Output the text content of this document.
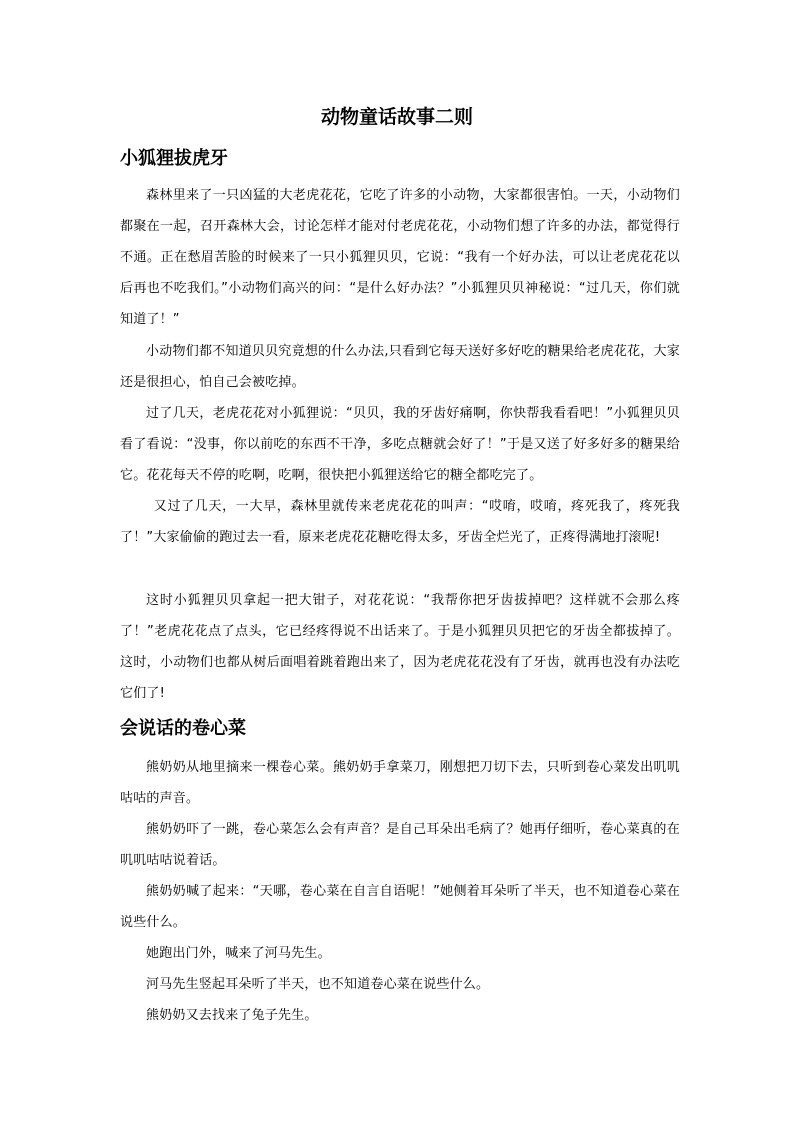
动物童话故事二则
小狐狸拔虎牙
森林里来了一只凶猛的大老虎花花，它吃了许多的小动物，大家都很害怕。一天，小动物们都聚在一起，召开森林大会，讨论怎样才能对付老虎花花，小动物们想了许多的办法，都觉得行不通。正在愁眉苦脸的时候来了一只小狐狸贝贝，它说：“我有一个好办法，可以让老虎花花以后再也不吃我们。”小动物们高兴的问：“是什么好办法？”小狐狸贝贝神秘说：“过几天，你们就知道了！”
小动物们都不知道贝贝究竟想的什么办法,只看到它每天送好多好吃的糖果给老虎花花，大家还是很担心，怕自己会被吃掉。
过了几天，老虎花花对小狐狸说：“贝贝，我的牙齿好痛啊，你快帮我看看吧！”小狐狸贝贝看了看说：“没事，你以前吃的东西不干净，多吃点糖就会好了！”于是又送了好多好多的糖果给它。花花每天不停的吃啊，吃啊，很快把小狐狸送给它的糖全都吃完了。
又过了几天，一大早，森林里就传来老虎花花的叫声：“哎唷，哎唷，疼死我了，疼死我了！”大家偷偷的跑过去一看，原来老虎花花糖吃得太多，牙齿全烂光了，正疼得满地打滚呢!
这时小狐狸贝贝拿起一把大钳子，对花花说：“我帮你把牙齿拔掉吧？这样就不会那么疼了！”老虎花花点了点头，它已经疼得说不出话来了。于是小狐狸贝贝把它的牙齿全都拔掉了。这时，小动物们也都从树后面唱着跳着跑出来了，因为老虎花花没有了牙齿，就再也没有办法吃它们了!
会说话的卷心菜
熊奶奶从地里摘来一棵卷心菜。熊奶奶手拿菜刀，刚想把刀切下去，只听到卷心菜发出叽叽咕咕的声音。
熊奶奶吓了一跳，卷心菜怎么会有声音？是自己耳朵出毛病了？她再仔细听，卷心菜真的在叽叽咕咕说着话。
熊奶奶喊了起来：“天哪，卷心菜在自言自语呢！”她侧着耳朵听了半天，也不知道卷心菜在说些什么。
她跑出门外，喊来了河马先生。
河马先生竖起耳朵听了半天，也不知道卷心菜在说些什么。
熊奶奶又去找来了兔子先生。
